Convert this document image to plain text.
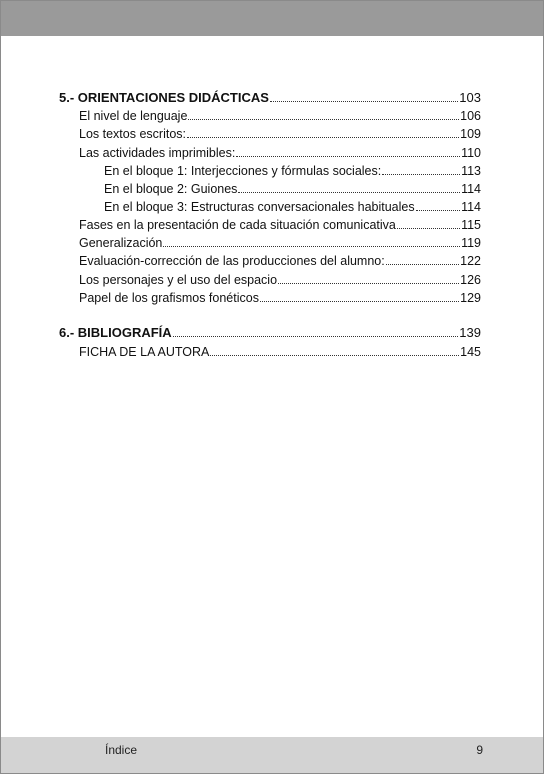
5.- ORIENTACIONES DIDÁCTICAS	103
El nivel de lenguaje	106
Los textos escritos:	109
Las actividades imprimibles:	110
En el bloque 1: Interjecciones y fórmulas sociales:	113
En el bloque 2: Guiones	114
En el bloque 3: Estructuras conversacionales habituales	114
Fases en la presentación de cada situación comunicativa	115
Generalización	119
Evaluación-corrección de las producciones del alumno:	122
Los personajes y el uso del espacio	126
Papel de los grafismos fonéticos	129
6.- BIBLIOGRAFÍA	139
FICHA DE LA AUTORA	145
Índice	9
